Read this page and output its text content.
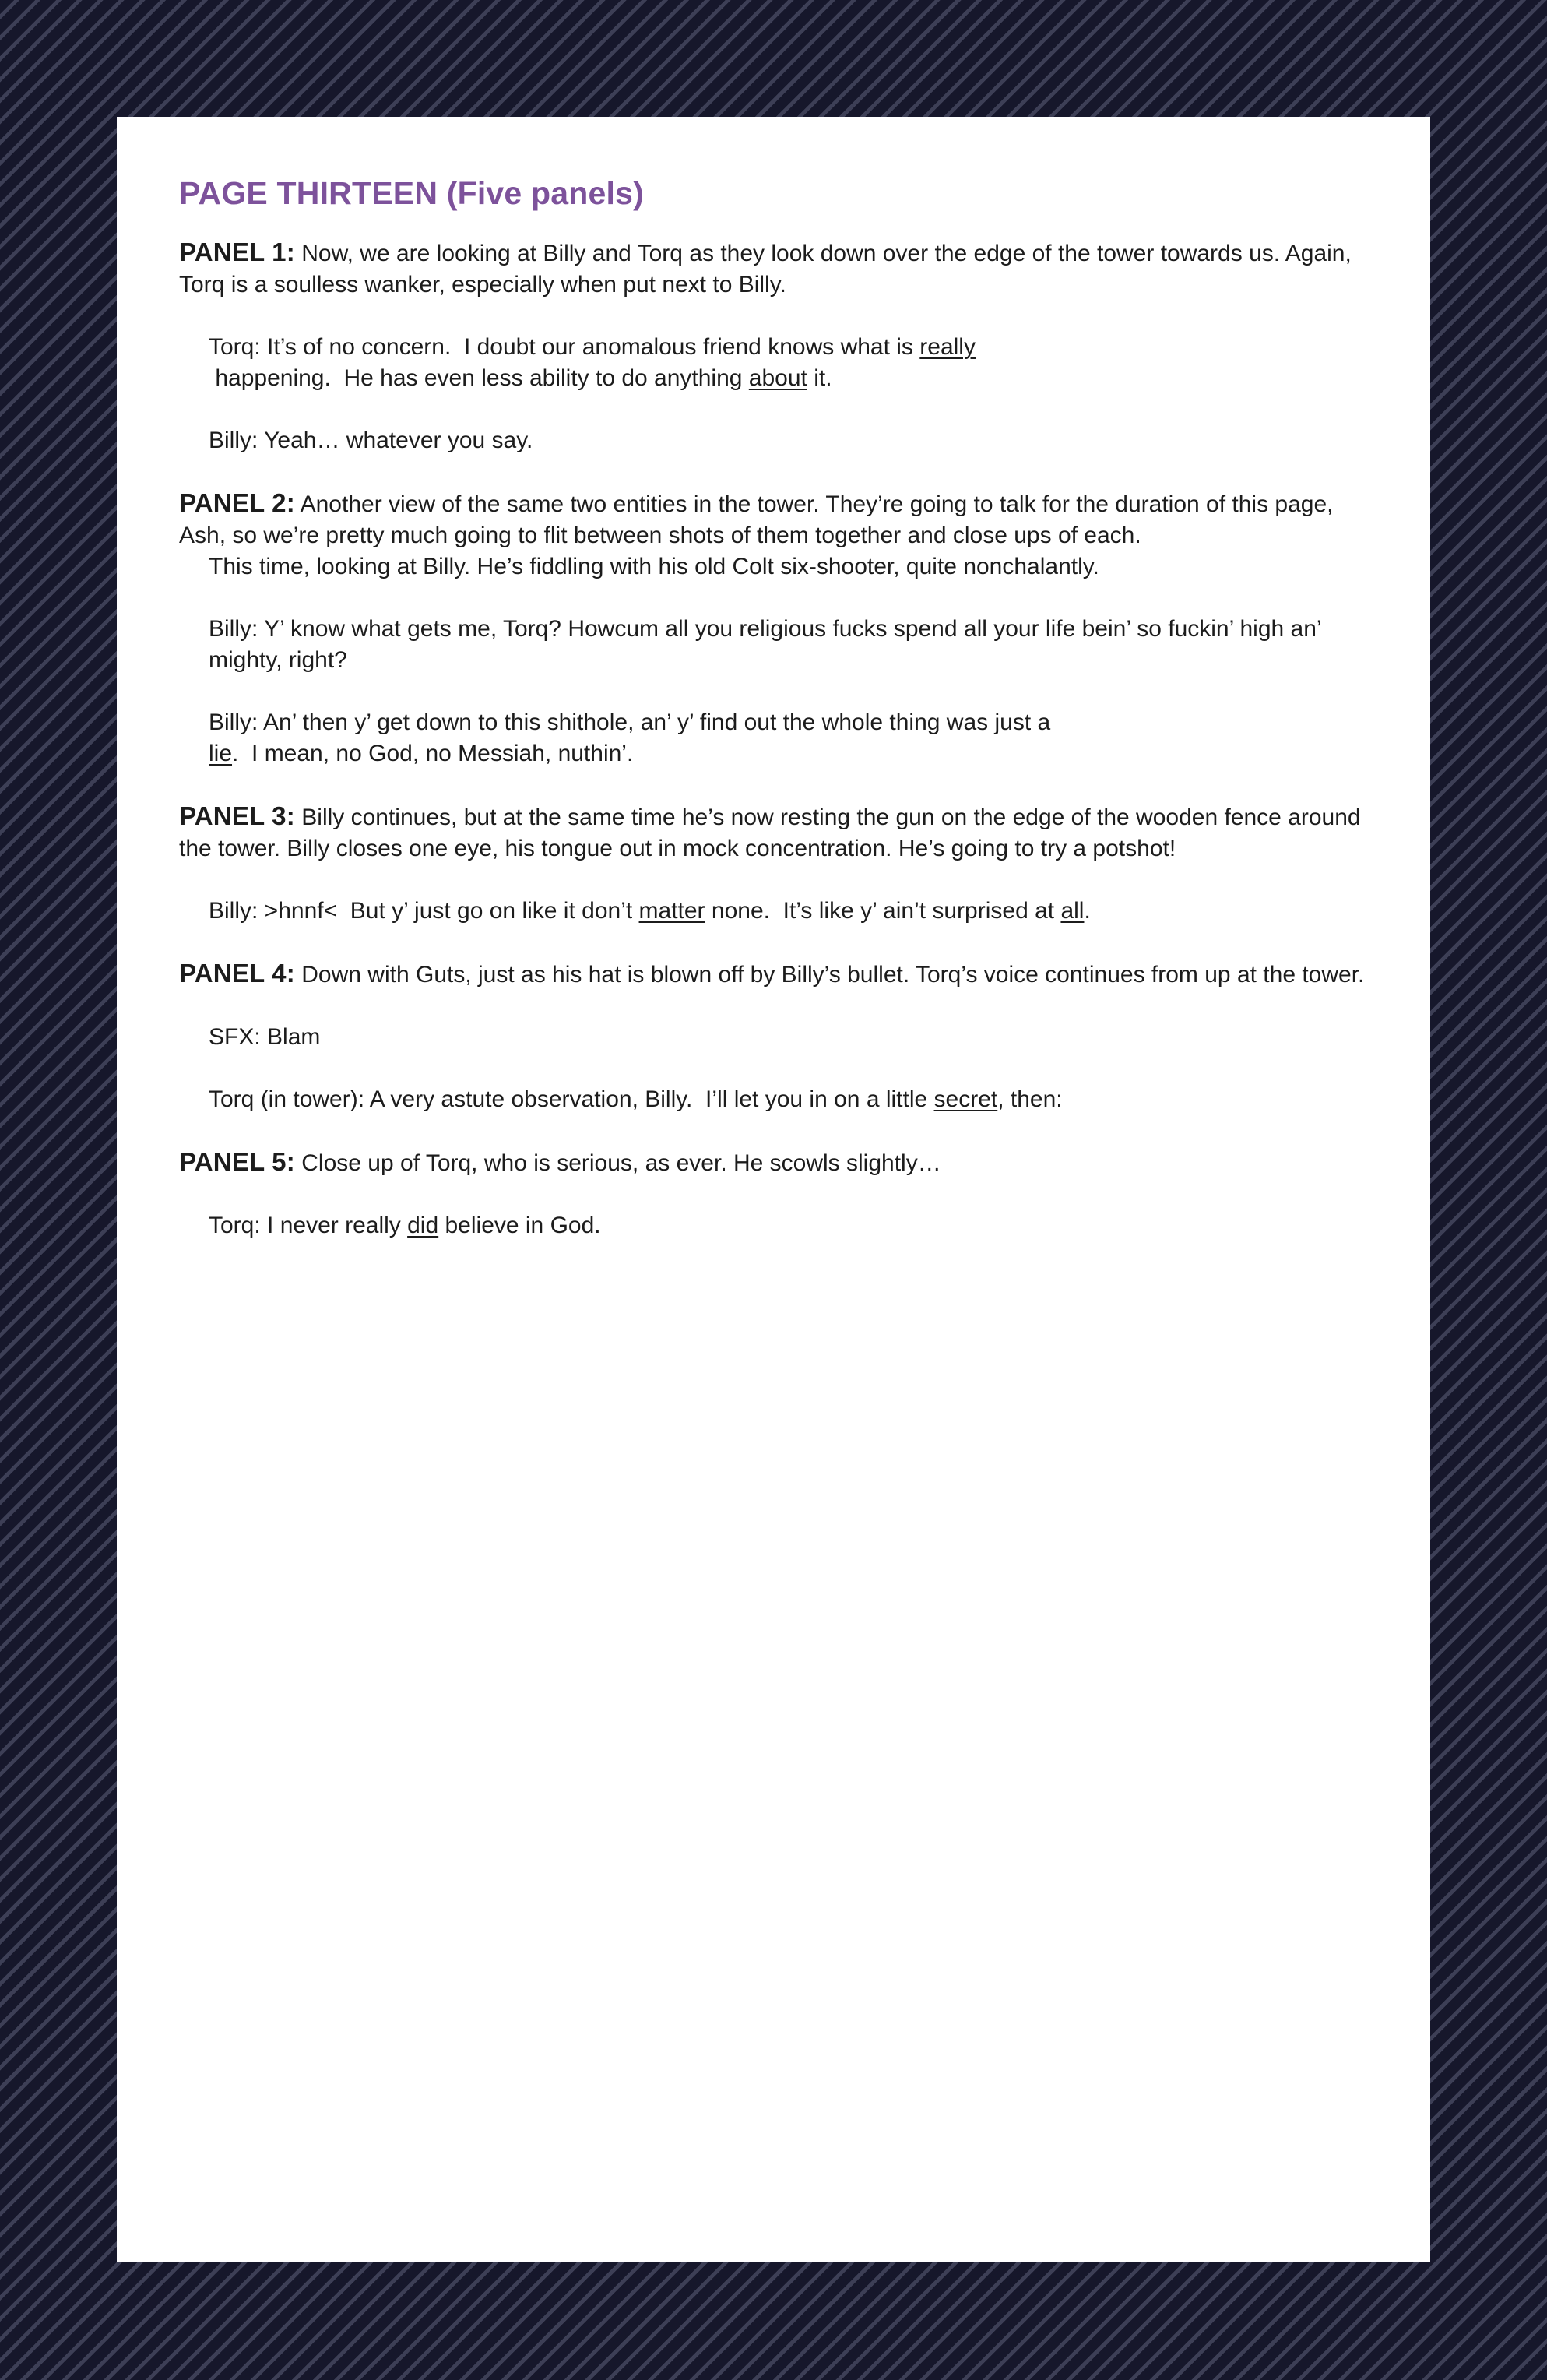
PAGE THIRTEEN (Five panels)

PANEL 1: Now, we are looking at Billy and Torq as they look down over the edge of the tower towards us. Again, Torq is a soulless wanker, especially when put next to Billy.

Torq: It’s of no concern.  I doubt our anomalous friend knows what is really happening.  He has even less ability to do anything about it.

Billy: Yeah… whatever you say.

PANEL 2: Another view of the same two entities in the tower. They’re going to talk for the duration of this page, Ash, so we’re pretty much going to flit between shots of them together and close ups of each.

This time, looking at Billy. He’s fiddling with his old Colt six-shooter, quite nonchalantly.

Billy: Y’ know what gets me, Torq? Howcum all you religious fucks spend all your life bein’ so fuckin’ high an’ mighty, right?

Billy: An’ then y’ get down to this shithole, an’ y’ find out the whole thing was just a lie.  I mean, no God, no Messiah, nuthin’.

PANEL 3: Billy continues, but at the same time he’s now resting the gun on the edge of the wooden fence around the tower. Billy closes one eye, his tongue out in mock concentration. He’s going to try a potshot!

Billy: >hnnf<  But y’ just go on like it don’t matter none.  It’s like y’ ain’t surprised at all.

PANEL 4: Down with Guts, just as his hat is blown off by Billy’s bullet. Torq’s voice continues from up at the tower.

SFX: Blam

Torq (in tower): A very astute observation, Billy.  I’ll let you in on a little secret, then:

PANEL 5: Close up of Torq, who is serious, as ever. He scowls slightly…

Torq: I never really did believe in God.
